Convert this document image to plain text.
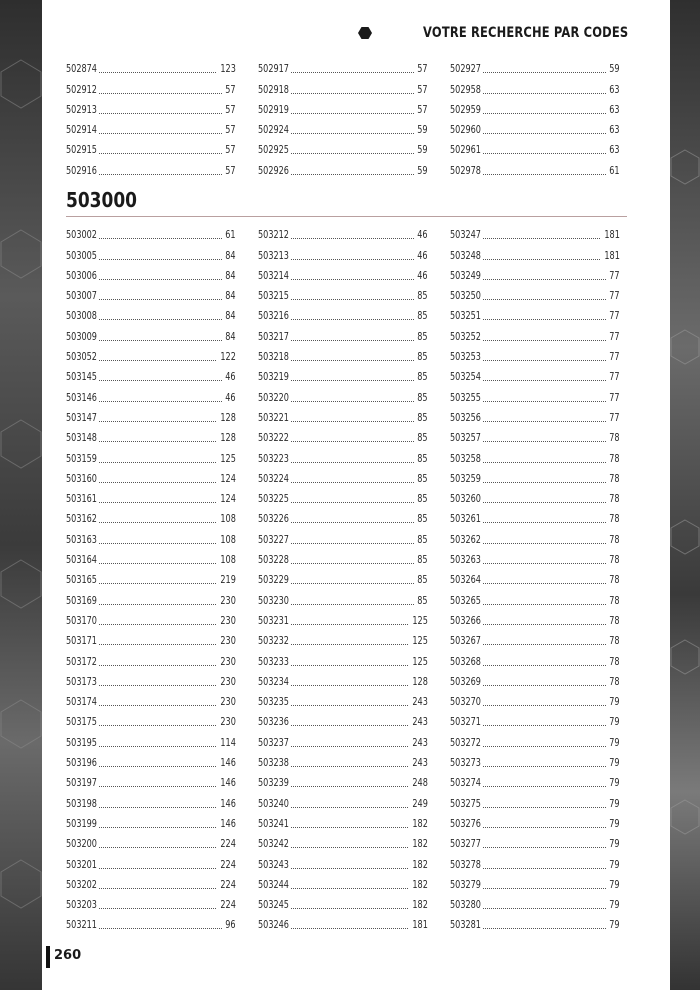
VOTRE RECHERCHE PAR CODES
502874	123
502912	57
502913	57
502914	57
502915	57
502916	57
502917	57
502918	57
502919	57
502924	59
502925	59
502926	59
502927	59
502958	63
502959	63
502960	63
502961	63
502978	61
503000
503002	61
503005	84
503006	84
503007	84
503008	84
503009	84
503052	122
503145	46
503146	46
503147	128
503148	128
503159	125
503160	124
503161	124
503162	108
503163	108
503164	108
503165	219
503169	230
503170	230
503171	230
503172	230
503173	230
503174	230
503175	230
503195	114
503196	146
503197	146
503198	146
503199	146
503200	224
503201	224
503202	224
503203	224
503211	96
503212	46
503213	46
503214	46
503215	85
503216	85
503217	85
503218	85
503219	85
503220	85
503221	85
503222	85
503223	85
503224	85
503225	85
503226	85
503227	85
503228	85
503229	85
503230	85
503231	125
503232	125
503233	125
503234	128
503235	243
503236	243
503237	243
503238	243
503239	248
503240	249
503241	182
503242	182
503243	182
503244	182
503245	182
503246	181
503247	181
503248	181
503249	77
503250	77
503251	77
503252	77
503253	77
503254	77
503255	77
503256	77
503257	78
503258	78
503259	78
503260	78
503261	78
503262	78
503263	78
503264	78
503265	78
503266	78
503267	78
503268	78
503269	78
503270	79
503271	79
503272	79
503273	79
503274	79
503275	79
503276	79
503277	79
503278	79
503279	79
503280	79
503281	79
260
